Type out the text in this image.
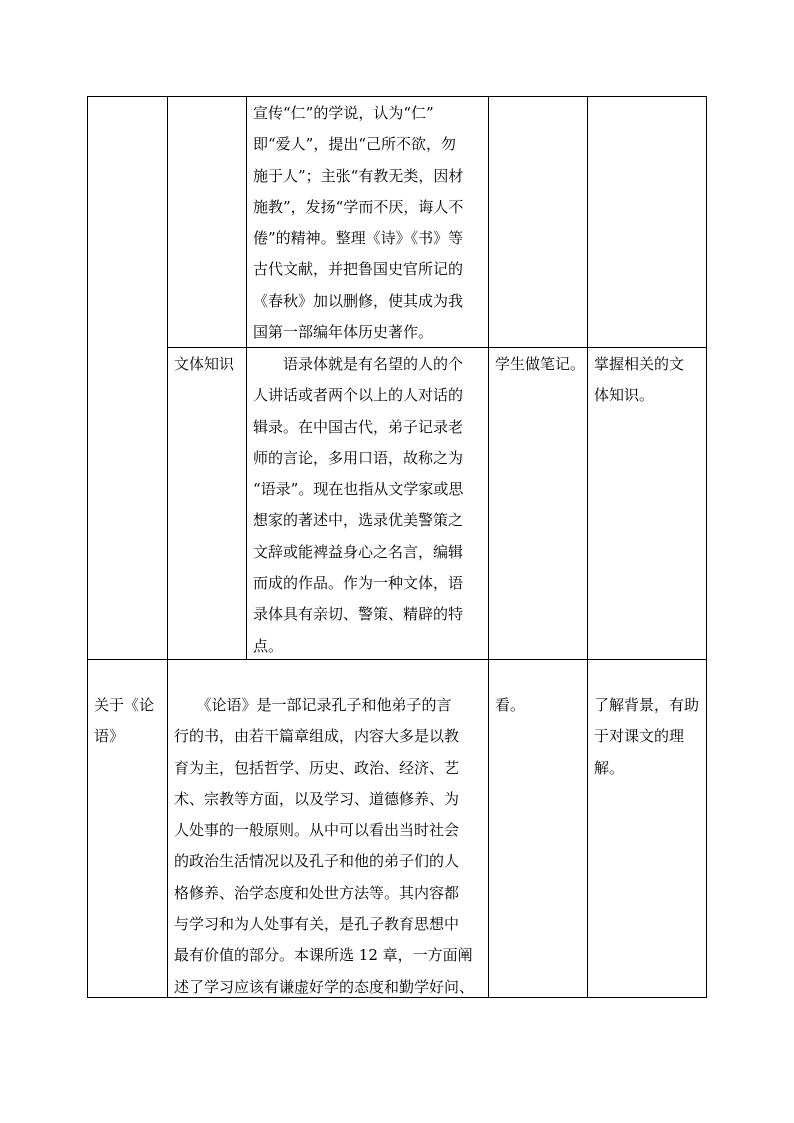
宣传“仁”的学说，认为“仁”
即“爱人”，提出“己所不欲，勿
施于人”；主张“有教无类，因材
施教”，发扬“学而不厌，诲人不
倦”的精神。整理《诗》《书》等
古代文献，并把鲁国史官所记的
《春秋》加以删修，使其成为我
国第一部编年体历史著作。
文体知识 　　语录体就是有名望的人的个
人讲话或者两个以上的人对话的
辑录。在中国古代，弟子记录老
师的言论，多用口语，故称之为
“语录”。现在也指从文学家或思
想家的著述中，选录优美警策之
文辞或能裨益身心之名言，编辑
而成的作品。作为一种文体，语
录体具有亲切、警策、精辟的特
点。
学生做笔记。 掌握相关的文
体知识。
关于《论
语》
　　《论语》是一部记录孔子和他弟子的言
行的书，由若干篇章组成，内容大多是以教
育为主，包括哲学、历史、政治、经济、艺
术、宗教等方面，以及学习、道德修养、为
人处事的一般原则。从中可以看出当时社会
的政治生活情况以及孔子和他的弟子们的人
格修养、治学态度和处世方法等。其内容都
与学习和为人处事有关，是孔子教育思想中
最有价值的部分。本课所选 12 章，一方面阐
述了学习应该有谦虚好学的态度和勤学好问、
看。	了解背景，有助
于对课文的理
解。
